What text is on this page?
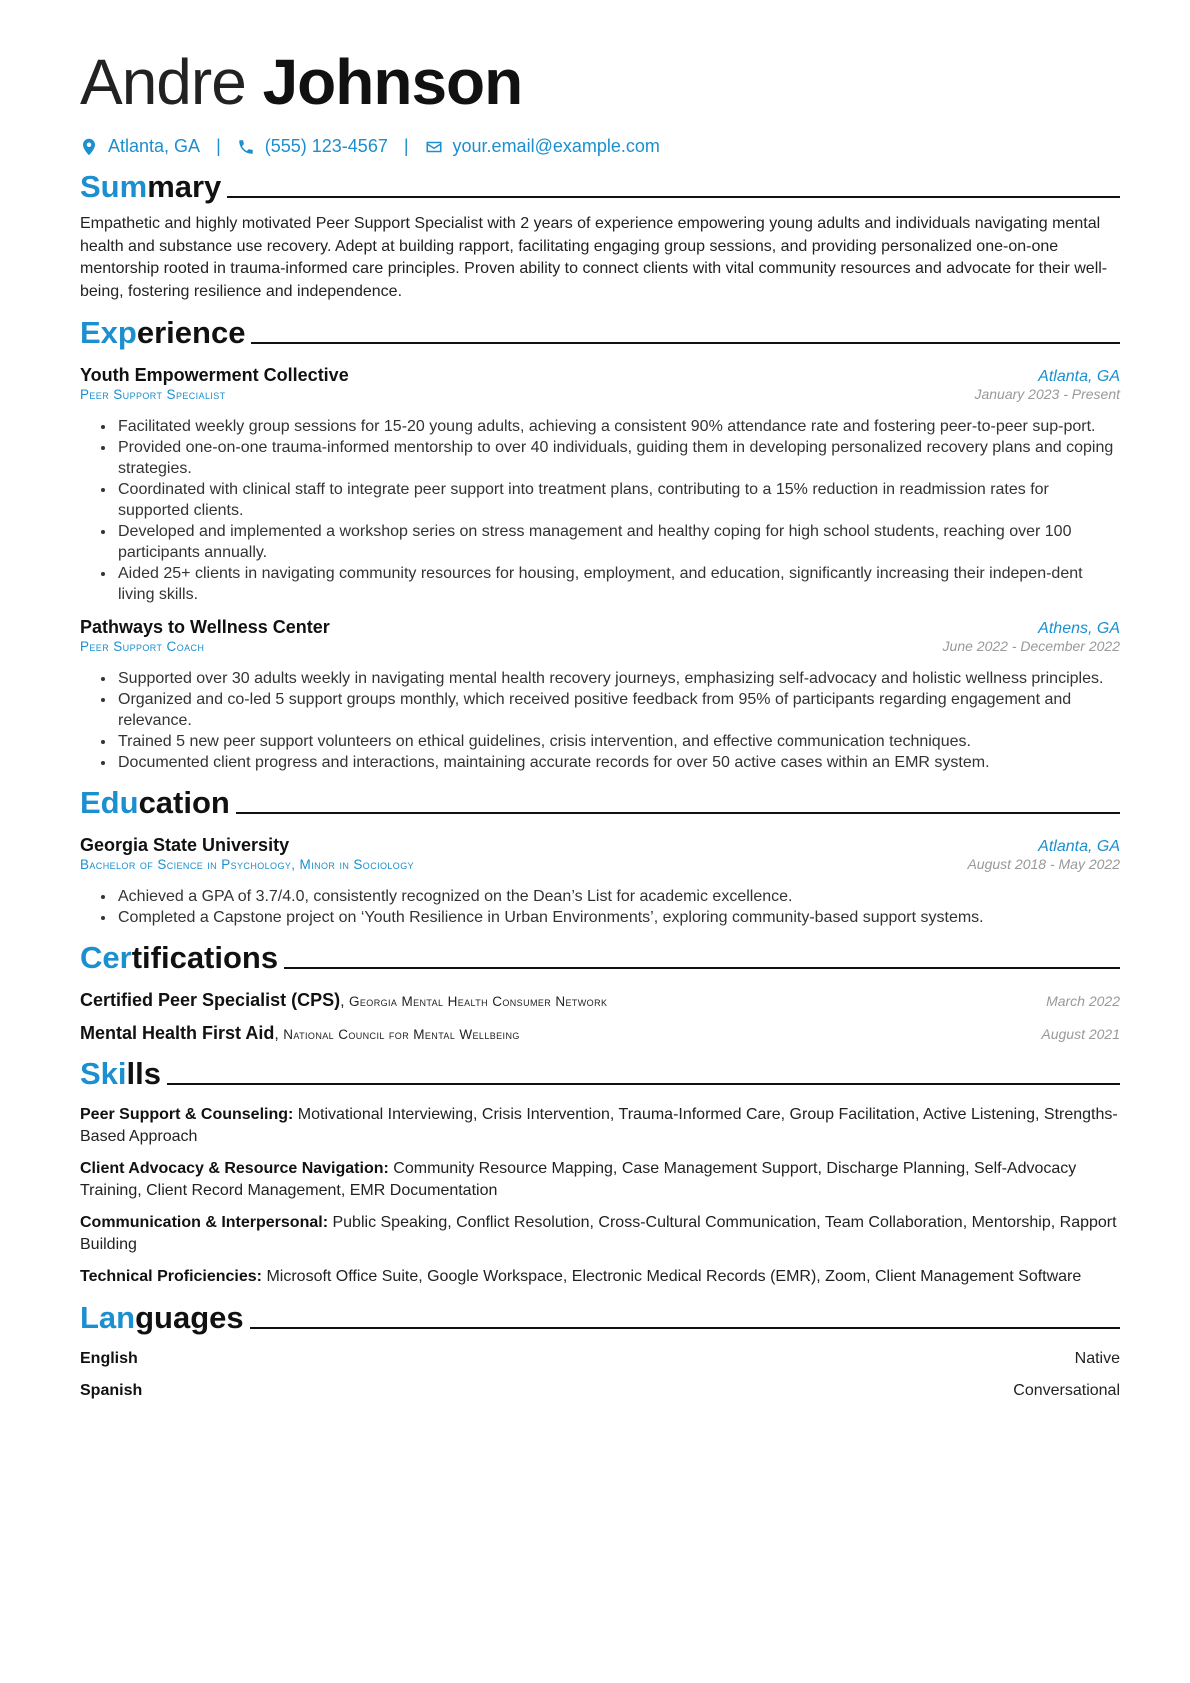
Andre Johnson
Atlanta, GA | (555) 123-4567 | your.email@example.com
Summary

Empathetic and highly motivated Peer Support Specialist with 2 years of experience empowering young adults and individuals navigating mental health and substance use recovery. Adept at building rapport, facilitating engaging group sessions, and providing personalized one-on-one mentorship rooted in trauma-informed care principles. Proven ability to connect clients with vital community resources and advocate for their well-being, fostering resilience and independence.

Experience
Youth Empowerment Collective	Atlanta, GA
Peer Support Specialist	January 2023 - Present
• Facilitated weekly group sessions for 15-20 young adults, achieving a consistent 90% attendance rate and fostering peer-to-peer sup-port.
• Provided one-on-one trauma-informed mentorship to over 40 individuals, guiding them in developing personalized recovery plans and coping strategies.
• Coordinated with clinical staff to integrate peer support into treatment plans, contributing to a 15% reduction in readmission rates for supported clients.
• Developed and implemented a workshop series on stress management and healthy coping for high school students, reaching over 100 participants annually.
• Aided 25+ clients in navigating community resources for housing, employment, and education, significantly increasing their indepen-dent living skills.
Pathways to Wellness Center	Athens, GA
Peer Support Coach	June 2022 - December 2022
• Supported over 30 adults weekly in navigating mental health recovery journeys, emphasizing self-advocacy and holistic wellness principles.
• Organized and co-led 5 support groups monthly, which received positive feedback from 95% of participants regarding engagement and relevance.
• Trained 5 new peer support volunteers on ethical guidelines, crisis intervention, and effective communication techniques.
• Documented client progress and interactions, maintaining accurate records for over 50 active cases within an EMR system.
Education
Georgia State University	Atlanta, GA
Bachelor of Science in Psychology, Minor in Sociology	August 2018 - May 2022
• Achieved a GPA of 3.7/4.0, consistently recognized on the Dean’s List for academic excellence.
• Completed a Capstone project on ‘Youth Resilience in Urban Environments’, exploring community-based support systems.
Certifications
Certified Peer Specialist (CPS), Georgia Mental Health Consumer Network	March 2022
Mental Health First Aid, National Council for Mental Wellbeing	August 2021
Skills
Peer Support & Counseling: Motivational Interviewing, Crisis Intervention, Trauma-Informed Care, Group Facilitation, Active Listening, Strengths-Based Approach
Client Advocacy & Resource Navigation: Community Resource Mapping, Case Management Support, Discharge Planning, Self-Advocacy Training, Client Record Management, EMR Documentation
Communication & Interpersonal: Public Speaking, Conflict Resolution, Cross-Cultural Communication, Team Collaboration, Mentorship, Rapport Building
Technical Proficiencies: Microsoft Office Suite, Google Workspace, Electronic Medical Records (EMR), Zoom, Client Management Software
Languages
English	Native
Spanish	Conversational
